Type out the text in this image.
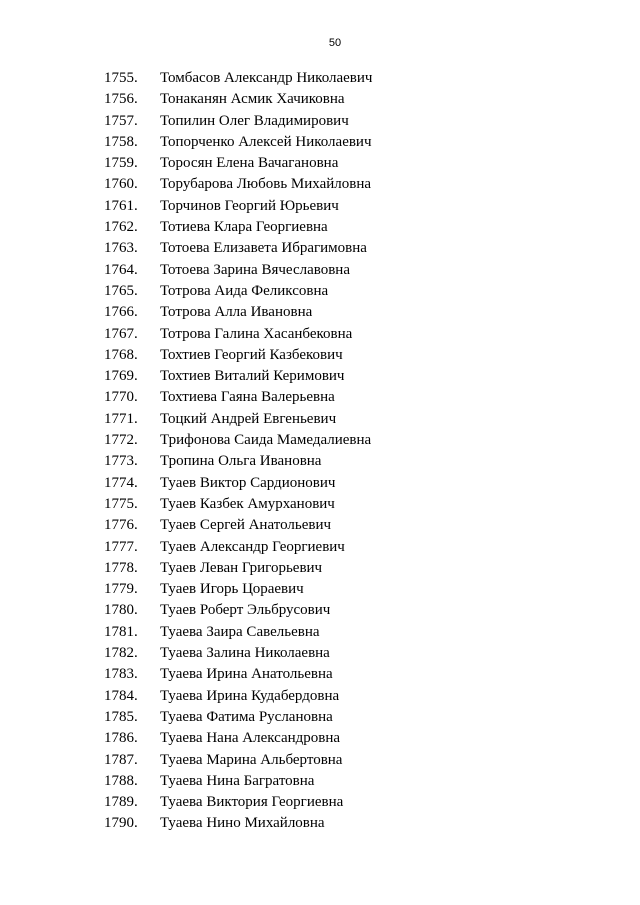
50
1755. Томбасов Александр Николаевич
1756. Тонаканян Асмик Хачиковна
1757. Топилин Олег Владимирович
1758. Топорченко Алексей Николаевич
1759. Торосян Елена Вачагановна
1760. Торубарова Любовь Михайловна
1761. Торчинов Георгий Юрьевич
1762. Тотиева Клара Георгиевна
1763. Тотоева Елизавета Ибрагимовна
1764. Тотоева Зарина Вячеславовна
1765. Тотрова Аида Феликсовна
1766. Тотрова Алла Ивановна
1767. Тотрова Галина Хасанбековна
1768. Тохтиев Георгий Казбекович
1769. Тохтиев Виталий Керимович
1770. Тохтиева Гаяна Валерьевна
1771. Тоцкий Андрей Евгеньевич
1772. Трифонова Саида Мамедалиевна
1773. Тропина Ольга Ивановна
1774. Туаев Виктор Сардионович
1775. Туаев Казбек Амурханович
1776. Туаев Сергей Анатольевич
1777. Туаев Александр Георгиевич
1778. Туаев Леван Григорьевич
1779. Туаев Игорь Цораевич
1780. Туаев Роберт Эльбрусович
1781. Туаева Заира Савельевна
1782. Туаева Залина Николаевна
1783. Туаева Ирина Анатольевна
1784. Туаева Ирина Кудабердовна
1785. Туаева Фатима Руслановна
1786. Туаева Нана Александровна
1787. Туаева Марина Альбертовна
1788. Туаева Нина Багратовна
1789. Туаева Виктория Георгиевна
1790. Туаева Нино Михайловна
